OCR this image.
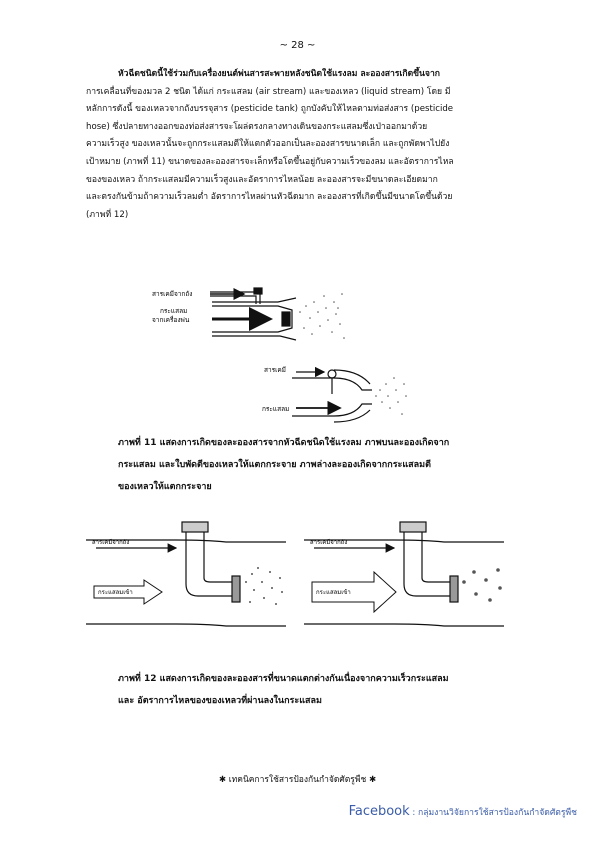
~ 28 ~
หัวฉีดชนิดนี้ใช้ร่วมกับเครื่องยนต์พ่นสารสะพายหลังชนิดใช้แรงลม ละอองสารเกิดขึ้นจาก
การเคลื่อนที่ของมวล 2 ชนิด ได้แก่ กระแสลม (air stream) และของเหลว (liquid stream) โดย มี
หลักการดังนี้ ของเหลวจากถังบรรจุสาร (pesticide tank) ถูกบังคับให้ไหลตามท่อส่งสาร (pesticide
hose) ซึ่งปลายทางออกของท่อส่งสารจะโผล่ตรงกลางทางเดินของกระแสลมซึ่งเป่าออกมาด้วย
ความเร็วสูง ของเหลวนั้นจะถูกกระแสลมตีให้แตกตัวออกเป็นละอองสารขนาดเล็ก และถูกพัดพาไปยัง
เป้าหมาย (ภาพที่ 11) ขนาดของละอองสารจะเล็กหรือโตขึ้นอยู่กับความเร็วของลม และอัตราการไหล
ของของเหลว ถ้ากระแสลมมีความเร็วสูงและอัตราการไหลน้อย ละอองสารจะมีขนาดละเอียดมาก
และตรงกันข้ามถ้าความเร็วลมต่ำ อัตราการไหลผ่านหัวฉีดมาก ละอองสารที่เกิดขึ้นมีขนาดโตขึ้นด้วย
(ภาพที่ 12)
สารเคมีจากถัง
กระแสลม
จากเครื่องพ่น
สารเคมี
กระแสลม
ภาพที่ 11 แสดงการเกิดของละอองสารจากหัวฉีดชนิดใช้แรงลม ภาพบนละอองเกิดจาก
กระแสลม และใบพัดตีของเหลวให้แตกกระจาย ภาพล่างละอองเกิดจากกระแสลมตี
ของเหลวให้แตกกระจาย
สารเคมีจากถัง
กระแสลมเข้า
สารเคมีจากถัง
กระแสลมเข้า
ภาพที่ 12 แสดงการเกิดของละอองสารที่ขนาดแตกต่างกันเนื่องจากความเร็วกระแสลม
และ อัตราการไหลของของเหลวที่ผ่านลงในกระแสลม
✱ เทคนิคการใช้สารป้องกันกำจัดศัตรูพืช ✱
Facebook : กลุ่มงานวิจัยการใช้สารป้องกันกำจัดศัตรูพืช
